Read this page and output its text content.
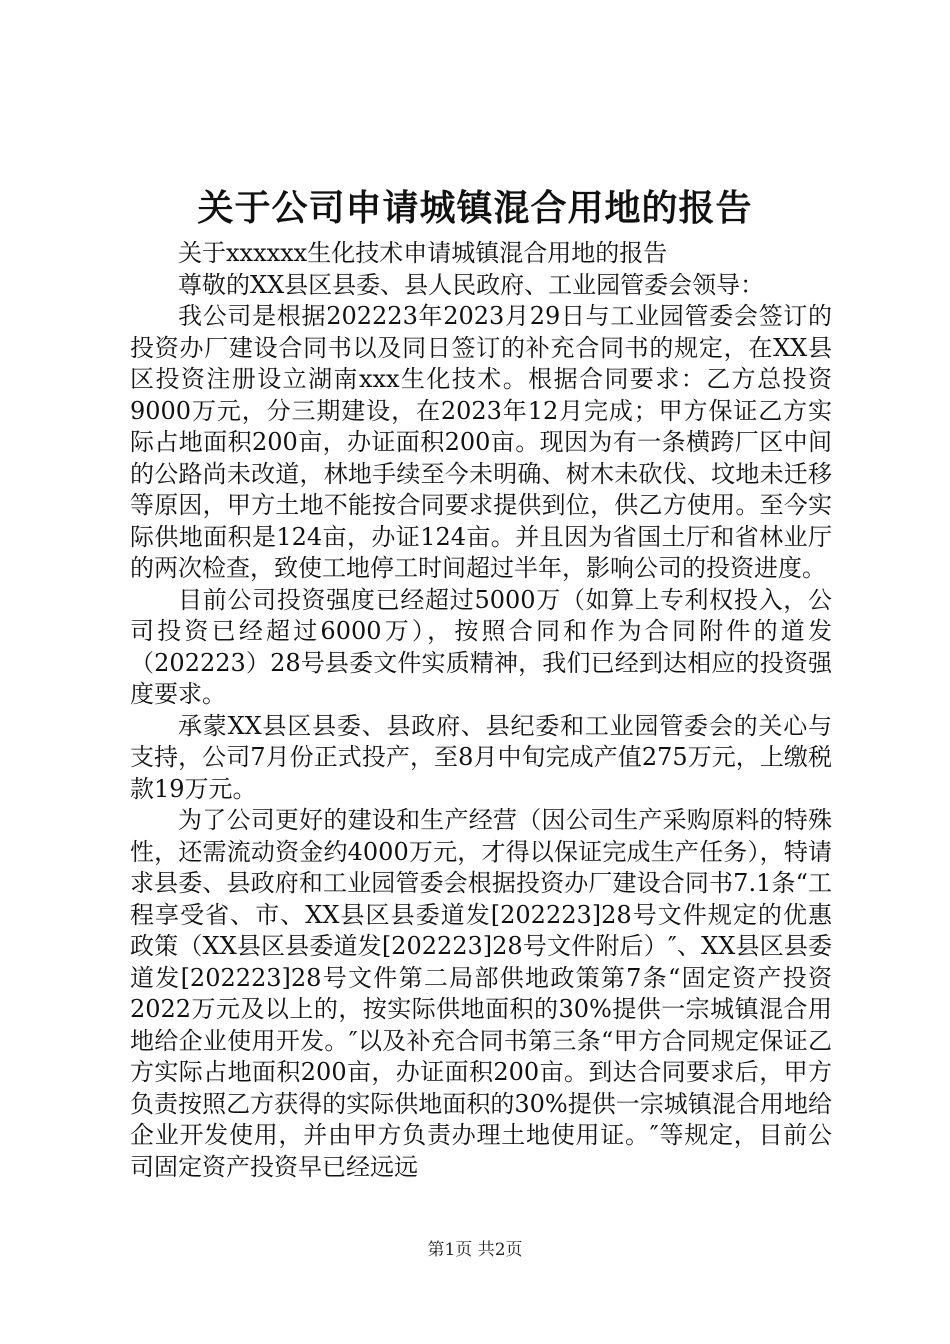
关于公司申请城镇混合用地的报告

关于xxxxxx生化技术申请城镇混合用地的报告

尊敬的XX县区县委、县人民政府、工业园管委会领导：

我公司是根据202223年2023月29日与工业园管委会签订的投资办厂建设合同书以及同日签订的补充合同书的规定，在XX县区投资注册设立湖南xxx生化技术。根据合同要求：乙方总投资9000万元，分三期建设，在2023年12月完成；甲方保证乙方实际占地面积200亩，办证面积200亩。现因为有一条横跨厂区中间的公路尚未改道，林地手续至今未明确、树木未砍伐、坟地未迁移等原因，甲方土地不能按合同要求提供到位，供乙方使用。至今实际供地面积是124亩，办证124亩。并且因为省国土厅和省林业厅的两次检查，致使工地停工时间超过半年，影响公司的投资进度。

目前公司投资强度已经超过5000万（如算上专利权投入，公司投资已经超过6000万），按照合同和作为合同附件的道发（202223）28号县委文件实质精神，我们已经到达相应的投资强度要求。

承蒙XX县区县委、县政府、县纪委和工业园管委会的关心与支持，公司7月份正式投产，至8月中旬完成产值275万元，上缴税款19万元。

为了公司更好的建设和生产经营（因公司生产采购原料的特殊性，还需流动资金约4000万元，才得以保证完成生产任务），特请求县委、县政府和工业园管委会根据投资办厂建设合同书7.1条“工程享受省、市、XX县区县委道发[202223]28号文件规定的优惠政策（XX县区县委道发[202223]28号文件附后）″、XX县区县委道发[202223]28号文件第二局部供地政策第7条“固定资产投资2022万元及以上的，按实际供地面积的30%提供一宗城镇混合用地给企业使用开发。″以及补充合同书第三条“甲方合同规定保证乙方实际占地面积200亩，办证面积200亩。到达合同要求后，甲方负责按照乙方获得的实际供地面积的30%提供一宗城镇混合用地给企业开发使用，并由甲方负责办理土地使用证。″等规定，目前公司固定资产投资早已经远远

第1页 共2页
